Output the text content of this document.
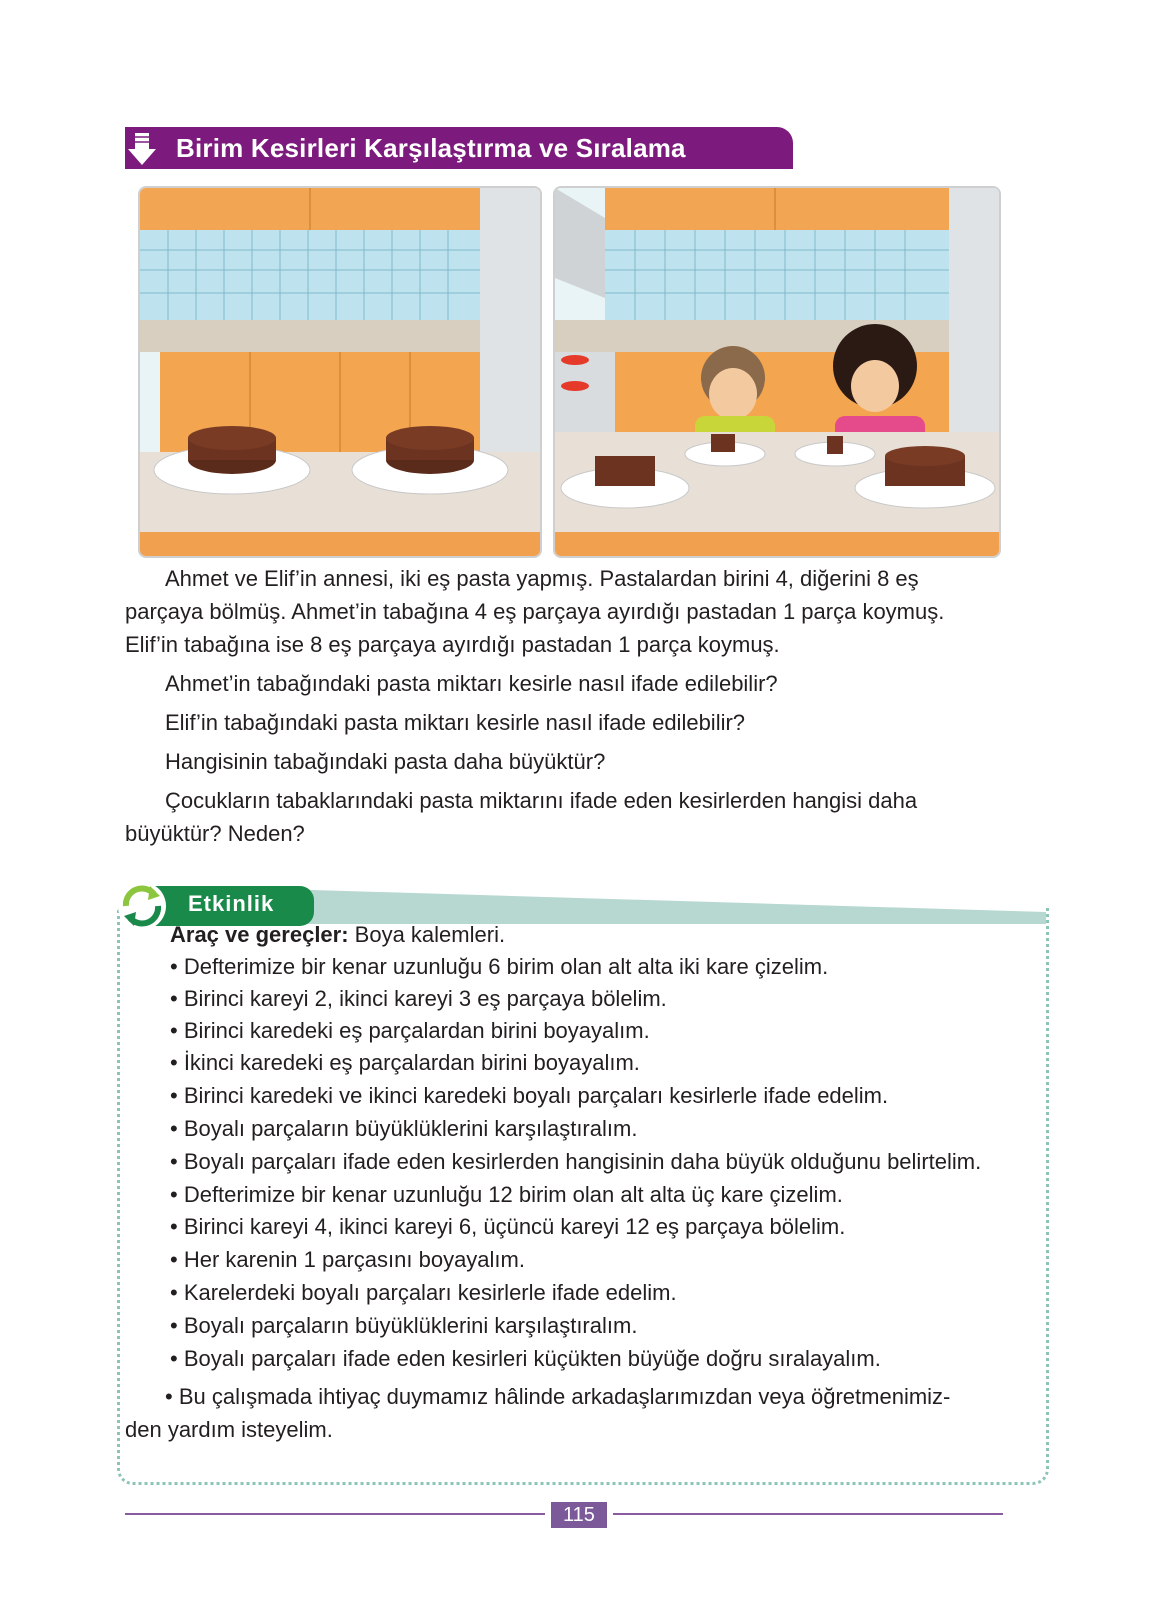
Birim Kesirleri Karşılaştırma ve Sıralama

Ahmet ve Elif’in annesi, iki eş pasta yapmış. Pastalardan birini 4, diğerini 8 eş

parçaya bölmüş. Ahmet’in tabağına 4 eş parçaya ayırdığı pastadan 1 parça koymuş.

Elif’in tabağına ise 8 eş parçaya ayırdığı pastadan 1 parça koymuş.

Ahmet’in tabağındaki pasta miktarı kesirle nasıl ifade edilebilir?

Elif’in tabağındaki pasta miktarı kesirle nasıl ifade edilebilir?

Hangisinin tabağındaki pasta daha büyüktür?

Çocukların tabaklarındaki pasta miktarını ifade eden kesirlerden hangisi daha

büyüktür? Neden?

Etkinlik

Araç ve gereçler: Boya kalemleri.

• Defterimize bir kenar uzunluğu 6 birim olan alt alta iki kare çizelim.

• Birinci kareyi 2, ikinci kareyi 3 eş parçaya bölelim.

• Birinci karedeki eş parçalardan birini boyayalım.

• İkinci karedeki eş parçalardan birini boyayalım.

• Birinci karedeki ve ikinci karedeki boyalı parçaları kesirlerle ifade edelim.

• Boyalı parçaların büyüklüklerini karşılaştıralım.

• Boyalı parçaları ifade eden kesirlerden hangisinin daha büyük olduğunu belirtelim.

• Defterimize bir kenar uzunluğu 12 birim olan alt alta üç kare çizelim.

• Birinci kareyi 4, ikinci kareyi 6, üçüncü kareyi 12 eş parçaya bölelim.

• Her karenin 1 parçasını boyayalım.

• Karelerdeki boyalı parçaları kesirlerle ifade edelim.

• Boyalı parçaların büyüklüklerini karşılaştıralım.

• Boyalı parçaları ifade eden kesirleri küçükten büyüğe doğru sıralayalım.

• Bu çalışmada ihtiyaç duymamız hâlinde arkadaşlarımızdan veya öğretmenimiz-

den yardım isteyelim.

115
